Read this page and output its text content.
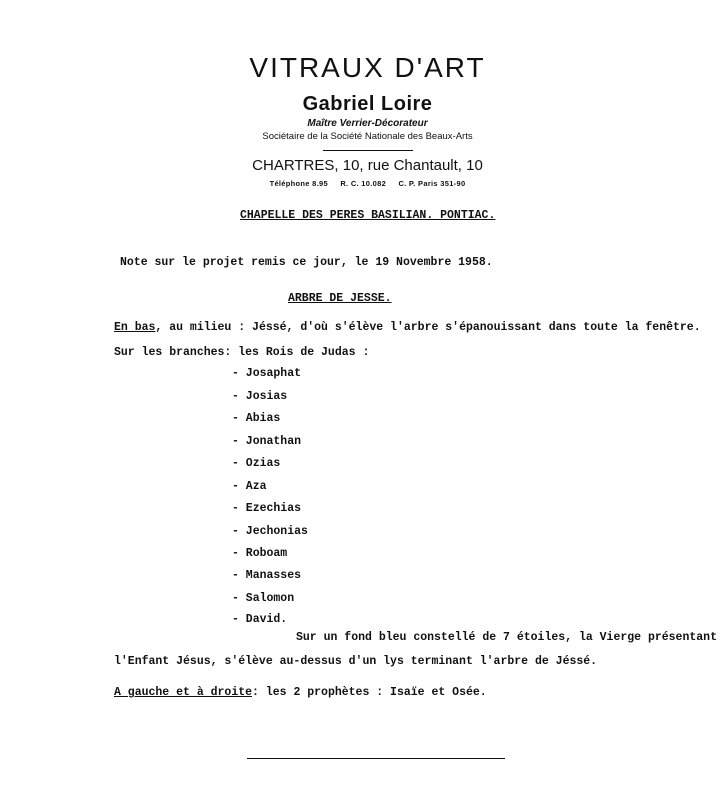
VITRAUX D'ART
Gabriel Loire
Maître Verrier-Décorateur
Sociétaire de la Société Nationale des Beaux-Arts
CHARTRES, 10, rue Chantault, 10
Téléphone 8.95 R. C. 10.082 C. P. Paris 351-90
CHAPELLE DES PERES BASILIAN. PONTIAC.
Note sur le projet remis ce jour, le 19 Novembre 1958.
ARBRE DE JESSE.
En bas, au milieu : Jéssé, d'où s'élève l'arbre s'épanouissant dans toute la fenêtre.
Sur les branches: les Rois de Judas :
- Josaphat
- Josias
- Abias
- Jonathan
- Ozias
- Aza
- Ezechias
- Jechonias
- Roboam
- Manasses
- Salomon
- David.
Sur un fond bleu constellé de 7 étoiles, la Vierge présentant
l'Enfant Jésus, s'élève au-dessus d'un lys terminant l'arbre de Jéssé.
A gauche et à droite: les 2 prophètes : Isaïe et Osée.
